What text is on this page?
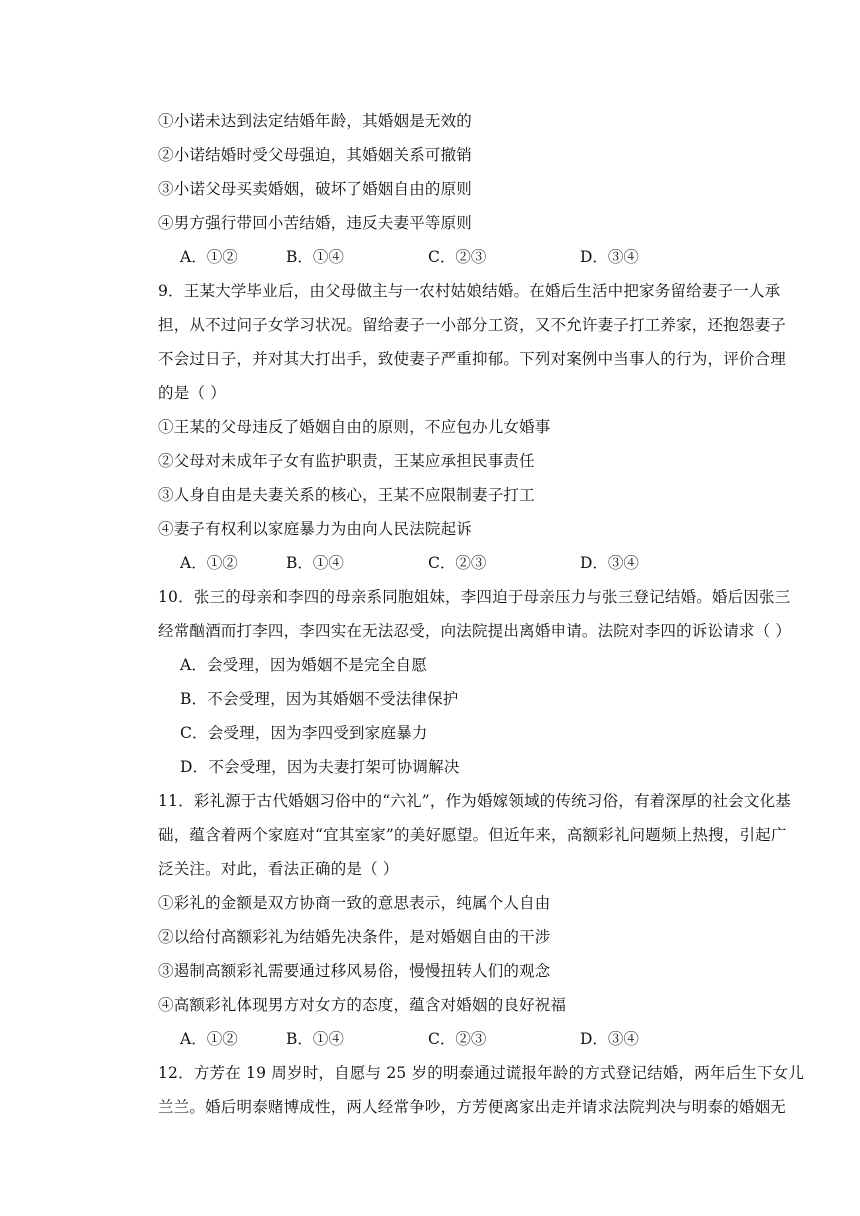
①小诺未达到法定结婚年龄，其婚姻是无效的
②小诺结婚时受父母强迫，其婚姻关系可撤销
③小诺父母买卖婚姻，破坏了婚姻自由的原则
④男方强行带回小苦结婚，违反夫妻平等原则
A．①②	B．①④	C．②③	D．③④
9．王某大学毕业后，由父母做主与一农村姑娘结婚。在婚后生活中把家务留给妻子一人承
担，从不过问子女学习状况。留给妻子一小部分工资，又不允许妻子打工养家，还抱怨妻子
不会过日子，并对其大打出手，致使妻子严重抑郁。下列对案例中当事人的行为，评价合理
的是（ ）
①王某的父母违反了婚姻自由的原则，不应包办儿女婚事
②父母对未成年子女有监护职责，王某应承担民事责任
③人身自由是夫妻关系的核心，王某不应限制妻子打工
④妻子有权利以家庭暴力为由向人民法院起诉
A．①②	B．①④	C．②③	D．③④
10．张三的母亲和李四的母亲系同胞姐妹，李四迫于母亲压力与张三登记结婚。婚后因张三
经常酗酒而打李四，李四实在无法忍受，向法院提出离婚申请。法院对李四的诉讼请求（ ）
A．会受理，因为婚姻不是完全自愿
B．不会受理，因为其婚姻不受法律保护
C．会受理，因为李四受到家庭暴力
D．不会受理，因为夫妻打架可协调解决
11．彩礼源于古代婚姻习俗中的“六礼”，作为婚嫁领域的传统习俗，有着深厚的社会文化基
础，蕴含着两个家庭对“宜其室家”的美好愿望。但近年来，高额彩礼问题频上热搜，引起广
泛关注。对此，看法正确的是（ ）
①彩礼的金额是双方协商一致的意思表示，纯属个人自由
②以给付高额彩礼为结婚先决条件，是对婚姻自由的干涉
③遏制高额彩礼需要通过移风易俗，慢慢扭转人们的观念
④高额彩礼体现男方对女方的态度，蕴含对婚姻的良好祝福
A．①②	B．①④	C．②③	D．③④
12．方芳在 19 周岁时，自愿与 25 岁的明泰通过谎报年龄的方式登记结婚，两年后生下女儿
兰兰。婚后明泰赌博成性，两人经常争吵，方芳便离家出走并请求法院判决与明泰的婚姻无
